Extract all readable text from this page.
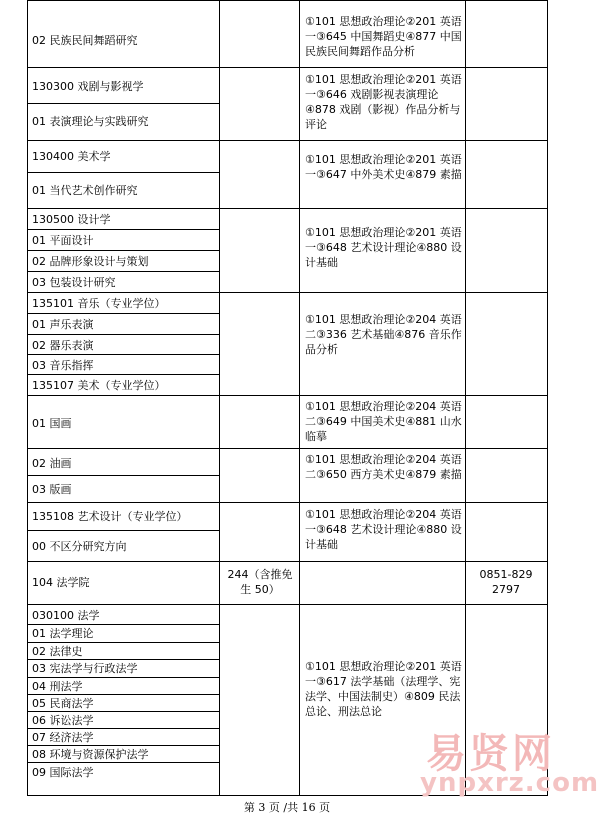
02 民族民间舞蹈研究
①101 思想政治理论②201 英语一③645 中国舞蹈史④877 中国民族民间舞蹈作品分析
130300 戏剧与影视学
01 表演理论与实践研究
①101 思想政治理论②201 英语一③646 戏剧影视表演理论④878 戏剧（影视）作品分析与评论
130400 美术学
01 当代艺术创作研究
①101 思想政治理论②201 英语一③647 中外美术史④879 素描
130500 设计学
01 平面设计
02 品牌形象设计与策划
03 包装设计研究
①101 思想政治理论②201 英语一③648 艺术设计理论④880 设计基础
135101 音乐（专业学位）
01 声乐表演
02 器乐表演
03 音乐指挥
135107 美术（专业学位）
①101 思想政治理论②204 英语二③336 艺术基础④876 音乐作品分析
01 国画
①101 思想政治理论②204 英语二③649 中国美术史④881 山水临摹
02 油画
03 版画
①101 思想政治理论②204 英语二③650 西方美术史④879 素描
135108 艺术设计（专业学位）
00 不区分研究方向
①101 思想政治理论②204 英语一③648 艺术设计理论④880 设计基础
104 法学院
244（含推免生 50）
0851-829 2797
030100 法学
01 法学理论
02 法律史
03 宪法学与行政法学
04 刑法学
05 民商法学
06 诉讼法学
07 经济法学
08 环境与资源保护法学
09 国际法学
①101 思想政治理论②201 英语一③617 法学基础（法理学、宪法学、中国法制史）④809 民法总论、刑法总论
第 3 页 /共 16 页
易贤网
ynpxrz.com
